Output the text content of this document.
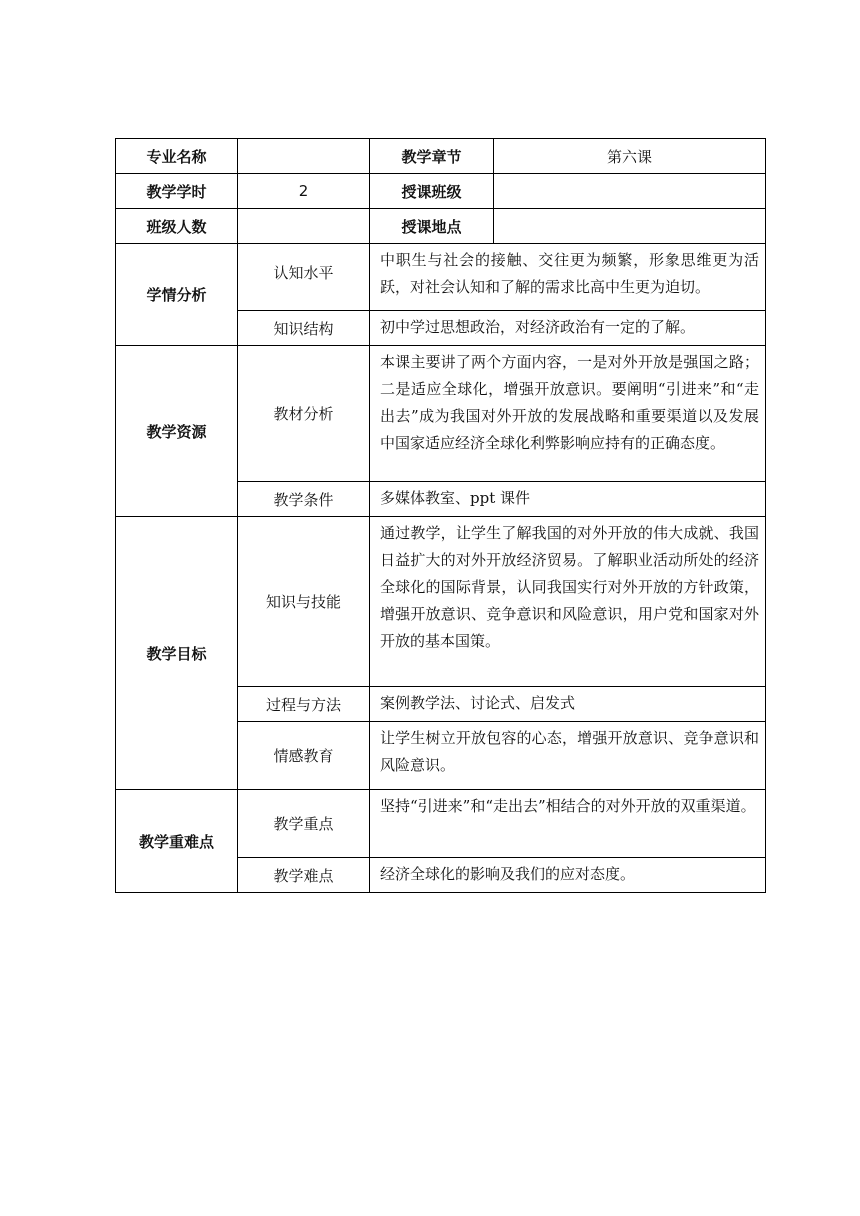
专业名称		教学章节	第六课
教学学时	2	授课班级	
班级人数		授课地点	
学情分析	认知水平	中职生与社会的接触、交往更为频繁，形象思维更为活跃，对社会认知和了解的需求比高中生更为迫切。	
	知识结构	初中学过思想政治，对经济政治有一定的了解。	
教学资源	教材分析	本课主要讲了两个方面内容，一是对外开放是强国之路；二是适应全球化，增强开放意识。要阐明“引进来”和“走出去”成为我国对外开放的发展战略和重要渠道以及发展中国家适应经济全球化利弊影响应持有的正确态度。	
	教学条件	多媒体教室、ppt 课件	
教学目标	知识与技能	通过教学，让学生了解我国的对外开放的伟大成就、我国日益扩大的对外开放经济贸易。了解职业活动所处的经济全球化的国际背景，认同我国实行对外开放的方针政策，增强开放意识、竞争意识和风险意识，用户党和国家对外开放的基本国策。	
	过程与方法	案例教学法、讨论式、启发式	
	情感教育	让学生树立开放包容的心态，增强开放意识、竞争意识和风险意识。	
教学重难点	教学重点	坚持“引进来”和“走出去”相结合的对外开放的双重渠道。	
	教学难点	经济全球化的影响及我们的应对态度。	
